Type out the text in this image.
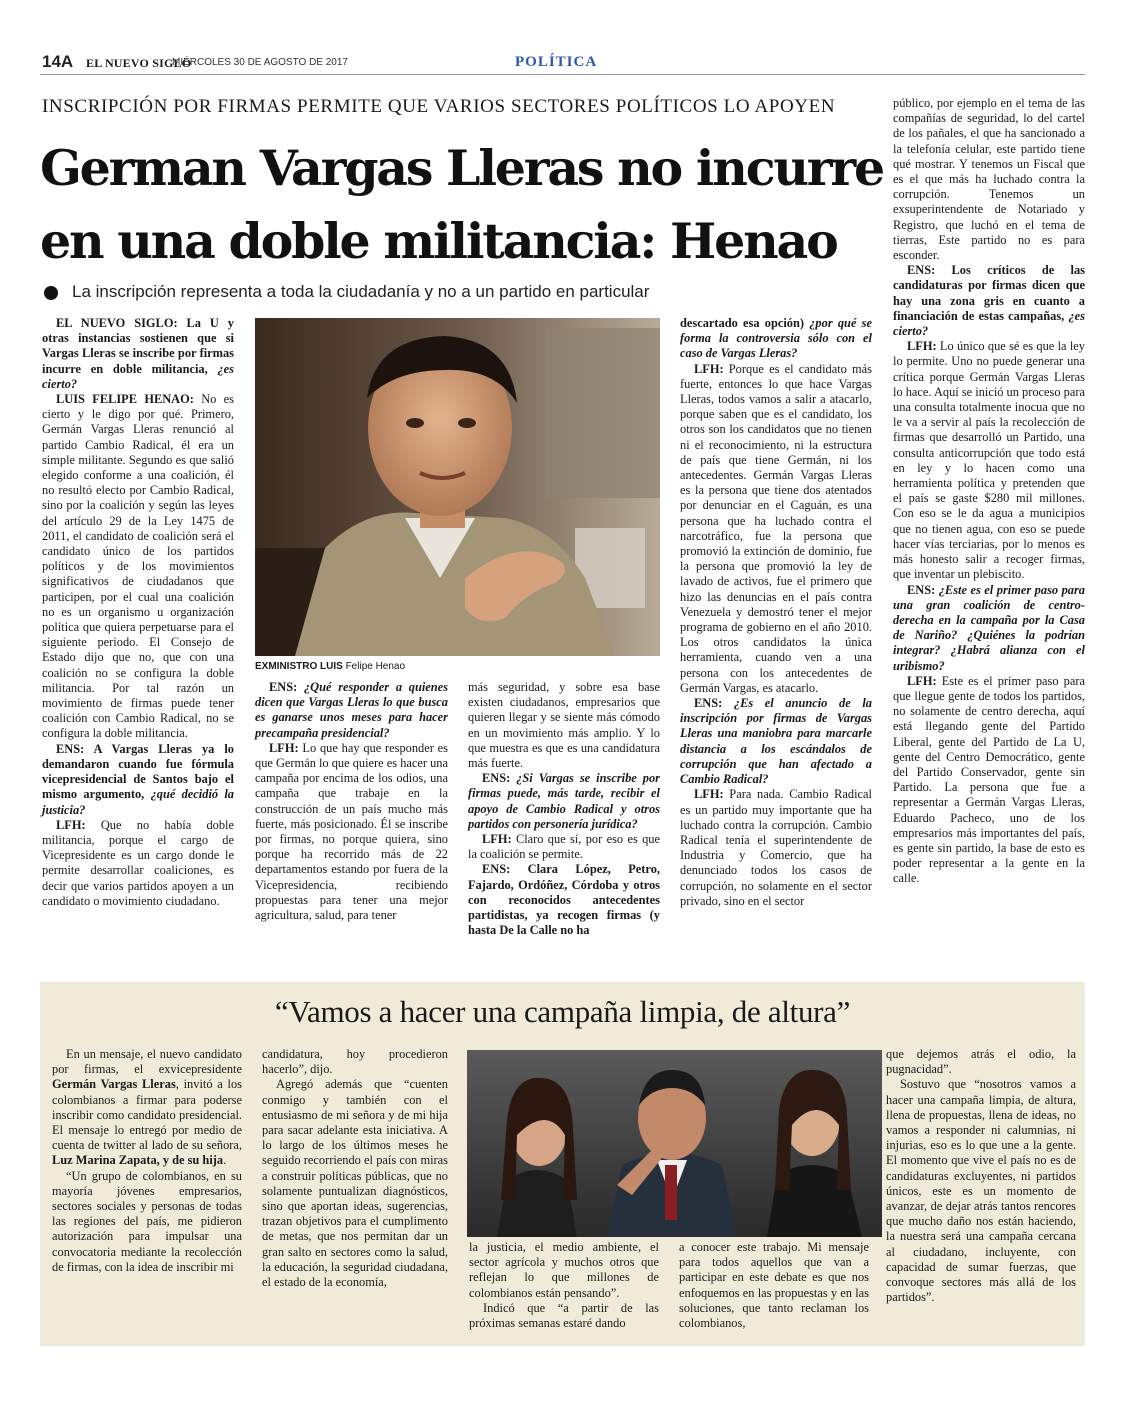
14A EL NUEVO SIGLO
MIÉRCOLES 30 DE AGOSTO DE 2017	POLÍTICA
INSCRIPCIÓN POR FIRMAS PERMITE QUE VARIOS SECTORES POLÍTICOS LO APOYEN
German Vargas Lleras no incurre
en una doble militancia: Henao
La inscripción representa a toda la ciudadanía y no a un partido en particular

EL NUEVO SIGLO: La U y otras instancias sostienen que si Vargas Lleras se inscribe por firmas incurre en doble militancia, ¿es cierto?

LUIS FELIPE HENAO: No es cierto y le digo por qué. Primero, Germán Vargas Lleras renunció al partido Cambio Radical, él era un simple militante. Segundo es que salió elegido conforme a una coalición, él no resultó electo por Cambio Radical, sino por la coalición y según las leyes del artículo 29 de la Ley 1475 de 2011, el candidato de coalición será el candidato único de los partidos políticos y de los movimientos significativos de ciudadanos que participen, por el cual una coalición no es un organismo u organización política que quiera perpetuarse para el siguiente periodo. El Consejo de Estado dijo que no, que con una coalición no se configura la doble militancia. Por tal razón un movimiento de firmas puede tener coalición con Cambio Radical, no se configura la doble militancia.

ENS: A Vargas Lleras ya lo demandaron cuando fue fórmula vicepresidencial de Santos bajo el mismo argumento, ¿qué decidió la justicia?

LFH: Que no había doble militancia, porque el cargo de Vicepresidente es un cargo donde le permite desarrollar coaliciones, es decir que varios partidos apoyen a un candidato o movimiento ciudadano.

EXMINISTRO LUIS Felipe Henao

ENS: ¿Qué responder a quienes dicen que Vargas Lleras lo que busca es ganarse unos meses para hacer precampaña presidencial?

LFH: Lo que hay que responder es que Germán lo que quiere es hacer una campaña por encima de los odios, una campaña que trabaje en la construcción de un país mucho más fuerte, más posicionado. Él se inscribe por firmas, no porque quiera, sino porque ha recorrido más de 22 departamentos estando por fuera de la Vicepresidencia, recibiendo propuestas para tener una mejor agricultura, salud, para tener

más seguridad, y sobre esa base existen ciudadanos, empresarios que quieren llegar y se siente más cómodo en un movimiento más amplio. Y lo que muestra es que es una candidatura más fuerte.

ENS: ¿Si Vargas se inscribe por firmas puede, más tarde, recibir el apoyo de Cambio Radical y otros partidos con personería jurídica?

LFH: Claro que sí, por eso es que la coalición se permite.

ENS: Clara López, Petro, Fajardo, Ordóñez, Córdoba y otros con reconocidos antecedentes partidistas, ya recogen firmas (y hasta De la Calle no ha

descartado esa opción) ¿por qué se forma la controversia sólo con el caso de Vargas Lleras?

LFH: Porque es el candidato más fuerte, entonces lo que hace Vargas Lleras, todos vamos a salir a atacarlo, porque saben que es el candidato, los otros son los candidatos que no tienen ni el reconocimiento, ni la estructura de país que tiene Germán, ni los antecedentes. Germán Vargas Lleras es la persona que tiene dos atentados por denunciar en el Caguán, es una persona que ha luchado contra el narcotráfico, fue la persona que promovió la extinción de dominio, fue la persona que promovió la ley de lavado de activos, fue el primero que hizo las denuncias en el país contra Venezuela y demostró tener el mejor programa de gobierno en el año 2010. Los otros candidatos la única herramienta, cuando ven a una persona con los antecedentes de Germán Vargas, es atacarlo.

ENS: ¿Es el anuncio de la inscripción por firmas de Vargas Lleras una maniobra para marcarle distancia a los escándalos de corrupción que han afectado a Cambio Radical?

LFH: Para nada. Cambio Radical es un partido muy importante que ha luchado contra la corrupción. Cambio Radical tenía el superintendente de Industria y Comercio, que ha denunciado todos los casos de corrupción, no solamente en el sector privado, sino en el sector

público, por ejemplo en el tema de las compañías de seguridad, lo del cartel de los pañales, el que ha sancionado a la telefonía celular, este partido tiene qué mostrar. Y tenemos un Fiscal que es el que más ha luchado contra la corrupción. Tenemos un exsuperintendente de Notariado y Registro, que luchó en el tema de tierras, Este partido no es para esconder.

ENS: Los críticos de las candidaturas por firmas dicen que hay una zona gris en cuanto a financiación de estas campañas, ¿es cierto?

LFH: Lo único que sé es que la ley lo permite. Uno no puede generar una crítica porque Germán Vargas Lleras lo hace. Aquí se inició un proceso para una consulta totalmente inocua que no le va a servir al país la recolección de firmas que desarrolló un Partido, una consulta anticorrupción que todo está en ley y lo hacen como una herramienta política y pretenden que el país se gaste $280 mil millones. Con eso se le da agua a municipios que no tienen agua, con eso se puede hacer vías terciarias, por lo menos es más honesto salir a recoger firmas, que inventar un plebiscito.

ENS: ¿Este es el primer paso para una gran coalición de centro-derecha en la campaña por la Casa de Nariño? ¿Quiénes la podrían integrar? ¿Habrá alianza con el uribismo?

LFH: Este es el primer paso para que llegue gente de todos los partidos, no solamente de centro derecha, aquí está llegando gente del Partido Liberal, gente del Partido de La U, gente del Centro Democrático, gente del Partido Conservador, gente sin Partido. La persona que fue a representar a Germán Vargas Lleras, Eduardo Pacheco, uno de los empresarios más importantes del país, es gente sin partido, la base de esto es poder representar a la gente en la calle.

“Vamos a hacer una campaña limpia, de altura”

En un mensaje, el nuevo candidato por firmas, el exvicepresidente Germán Vargas Lleras, invitó a los colombianos a firmar para poderse inscribir como candidato presidencial. El mensaje lo entregó por medio de cuenta de twitter al lado de su señora, Luz Marina Zapata, y de su hija.

“Un grupo de colombianos, en su mayoría jóvenes empresarios, sectores sociales y personas de todas las regiones del país, me pidieron autorización para impulsar una convocatoria mediante la recolección de firmas, con la idea de inscribir mi

candidatura, hoy procedieron hacerlo”, dijo.

Agregó además que “cuenten conmigo y también con el entusiasmo de mi señora y de mi hija para sacar adelante esta iniciativa. A lo largo de los últimos meses he seguido recorriendo el país con miras a construir políticas públicas, que no solamente puntualizan diagnósticos, sino que aportan ideas, sugerencias, trazan objetivos para el cumplimento de metas, que nos permitan dar un gran salto en sectores como la salud, la educación, la seguridad ciudadana, el estado de la economía,

la justicia, el medio ambiente, el sector agrícola y muchos otros que reflejan lo que millones de colombianos están pensando”.

Indicó que “a partir de las próximas semanas estaré dando

a conocer este trabajo. Mi mensaje para todos aquellos que van a participar en este debate es que nos enfoquemos en las propuestas y en las soluciones, que tanto reclaman los colombianos,

que dejemos atrás el odio, la pugnacidad”.

Sostuvo que “nosotros vamos a hacer una campaña limpia, de altura, llena de propuestas, llena de ideas, no vamos a responder ni calumnias, ni injurias, eso es lo que une a la gente. El momento que vive el país no es de candidaturas excluyentes, ni partidos únicos, este es un momento de avanzar, de dejar atrás tantos rencores que mucho daño nos están haciendo, la nuestra será una campaña cercana al ciudadano, incluyente, con capacidad de sumar fuerzas, que convoque sectores más allá de los partidos”.
